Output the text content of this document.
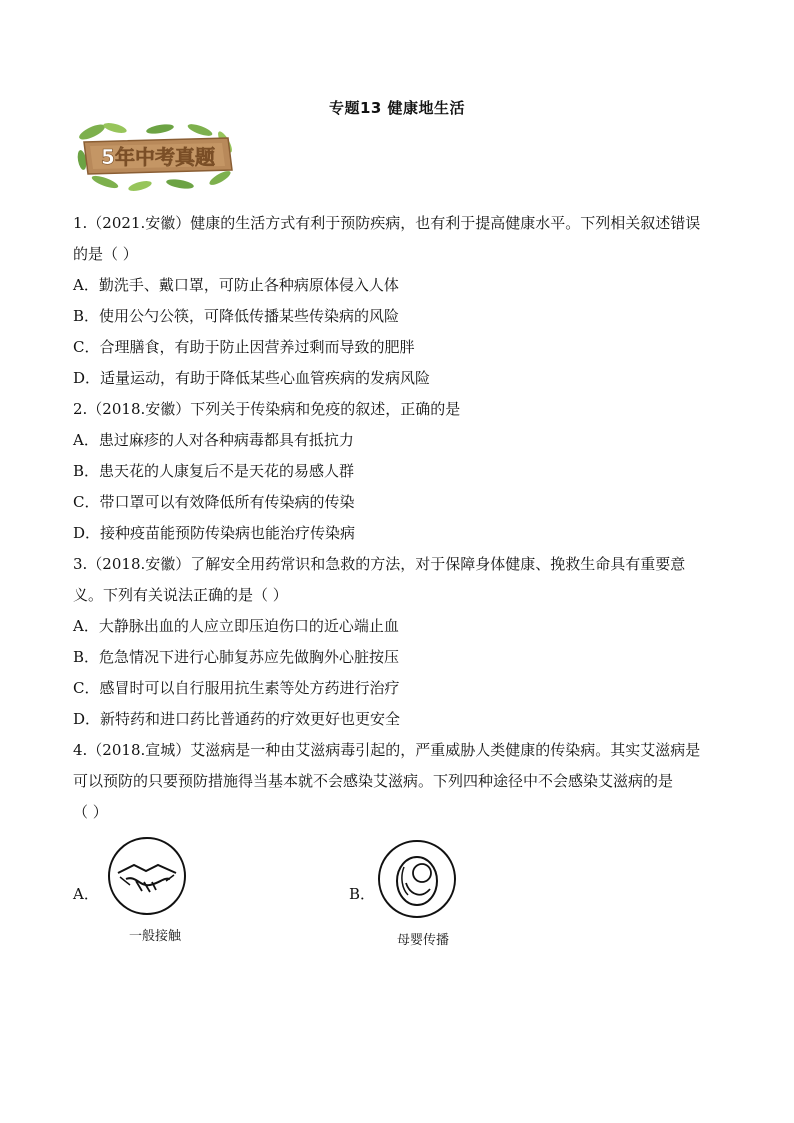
专题13 健康地生活
5年中考真题

1.（2021.安徽）健康的生活方式有利于预防疾病，也有利于提高健康水平。下列相关叙述错误

的是（ ）

A．勤洗手、戴口罩，可防止各种病原体侵入人体

B．使用公勺公筷，可降低传播某些传染病的风险

C．合理膳食，有助于防止因营养过剩而导致的肥胖

D．适量运动，有助于降低某些心血管疾病的发病风险

2.（2018.安徽）下列关于传染病和免疫的叙述，正确的是

A．患过麻疹的人对各种病毒都具有抵抗力

B．患天花的人康复后不是天花的易感人群

C．带口罩可以有效降低所有传染病的传染

D．接种疫苗能预防传染病也能治疗传染病

3.（2018.安徽）了解安全用药常识和急救的方法，对于保障身体健康、挽救生命具有重要意

义。下列有关说法正确的是（ ）

A．大静脉出血的人应立即压迫伤口的近心端止血

B．危急情况下进行心肺复苏应先做胸外心脏按压

C．感冒时可以自行服用抗生素等处方药进行治疗

D．新特药和进口药比普通药的疗效更好也更安全

4.（2018.宣城）艾滋病是一种由艾滋病毒引起的，严重威胁人类健康的传染病。其实艾滋病是

可以预防的只要预防措施得当基本就不会感染艾滋病。下列四种途径中不会感染艾滋病的是

（ ）

A．
一般接触
B．
母婴传播
